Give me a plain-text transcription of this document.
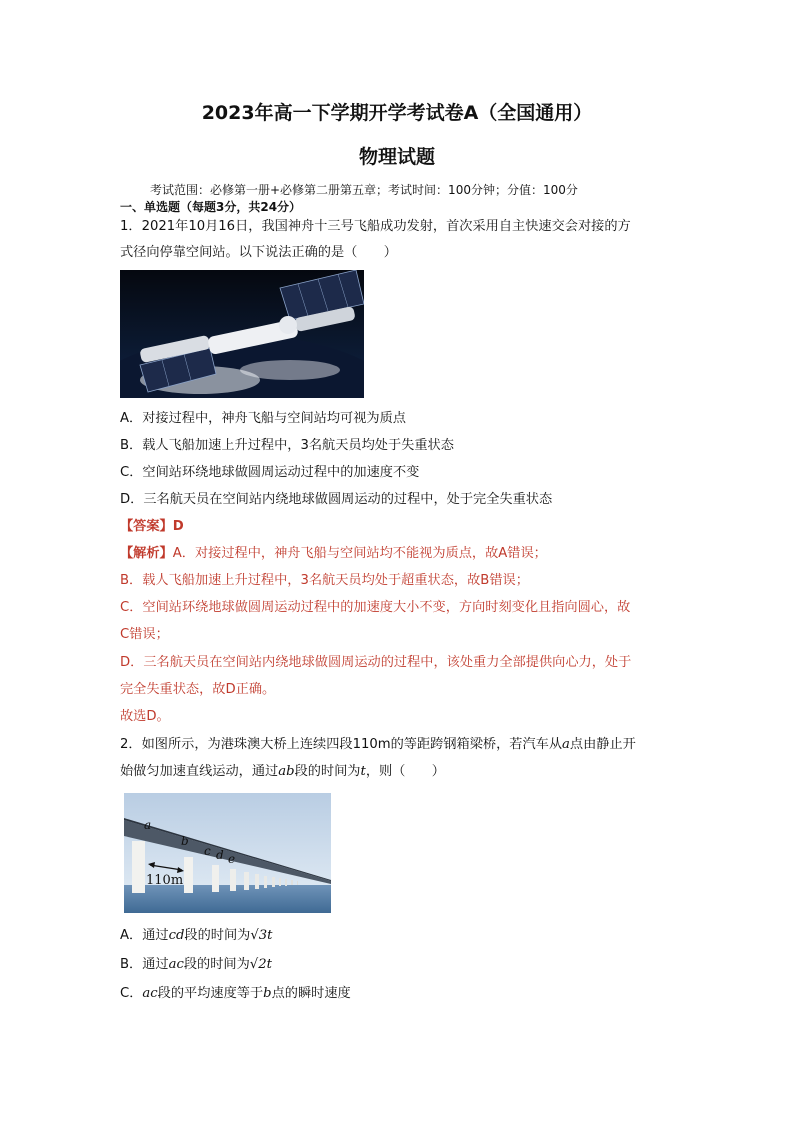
2023年高一下学期开学考试卷A（全国通用）
物理试题
考试范围：必修第一册+必修第二册第五章；考试时间：100分钟；分值：100分
一、单选题（每题3分，共24分）
1．2021年10月16日，我国神舟十三号飞船成功发射，首次采用自主快速交会对接的方
式径向停靠空间站。以下说法正确的是（　　）
A．对接过程中，神舟飞船与空间站均可视为质点
B．载人飞船加速上升过程中，3名航天员均处于失重状态
C．空间站环绕地球做圆周运动过程中的加速度不变
D．三名航天员在空间站内绕地球做圆周运动的过程中，处于完全失重状态
【答案】D
【解析】A．对接过程中，神舟飞船与空间站均不能视为质点，故A错误；
B．载人飞船加速上升过程中，3名航天员均处于超重状态，故B错误；
C．空间站环绕地球做圆周运动过程中的加速度大小不变，方向时刻变化且指向圆心，故
C错误；
D．三名航天员在空间站内绕地球做圆周运动的过程中，该处重力全部提供向心力，处于
完全失重状态，故D正确。
故选D。
2．如图所示，为港珠澳大桥上连续四段110m的等距跨钢箱梁桥，若汽车从a点由静止开
始做匀加速直线运动，通过ab段的时间为t，则（　　）
a
b
c d e
110m
A．通过cd段的时间为√3t
B．通过ac段的时间为√2t
C．ac段的平均速度等于b点的瞬时速度
